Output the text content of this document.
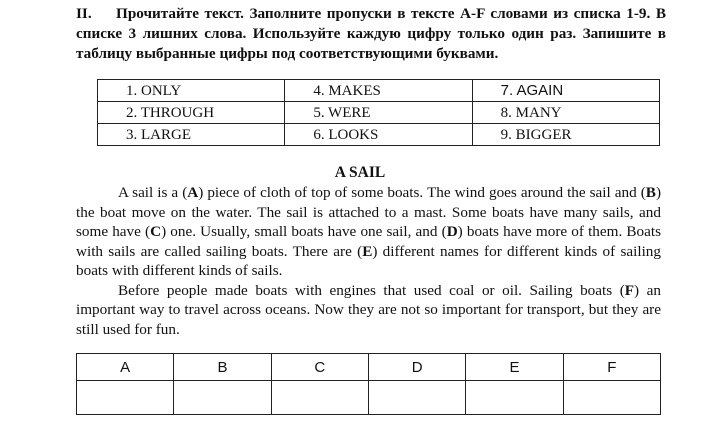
II. Прочитайте текст. Заполните пропуски в тексте A-F словами из списка 1-9. В списке 3 лишних слова. Используйте каждую цифру только один раз. Запишите в таблицу выбранные цифры под соответствующими буквами.

1. ONLY	4. MAKES	7. AGAIN
2. THROUGH	5. WERE	8. MANY
3. LARGE	6. LOOKS	9. BIGGER
A SAIL

A sail is a (A) piece of cloth of top of some boats. The wind goes around the sail and (B) the boat move on the water. The sail is attached to a mast. Some boats have many sails, and some have (C) one. Usually, small boats have one sail, and (D) boats have more of them. Boats with sails are called sailing boats. There are (E) different names for different kinds of sailing boats with different kinds of sails.

Before people made boats with engines that used coal or oil. Sailing boats (F) an important way to travel across oceans. Now they are not so important for transport, but they are still used for fun.

A	B	C	D	E	F
